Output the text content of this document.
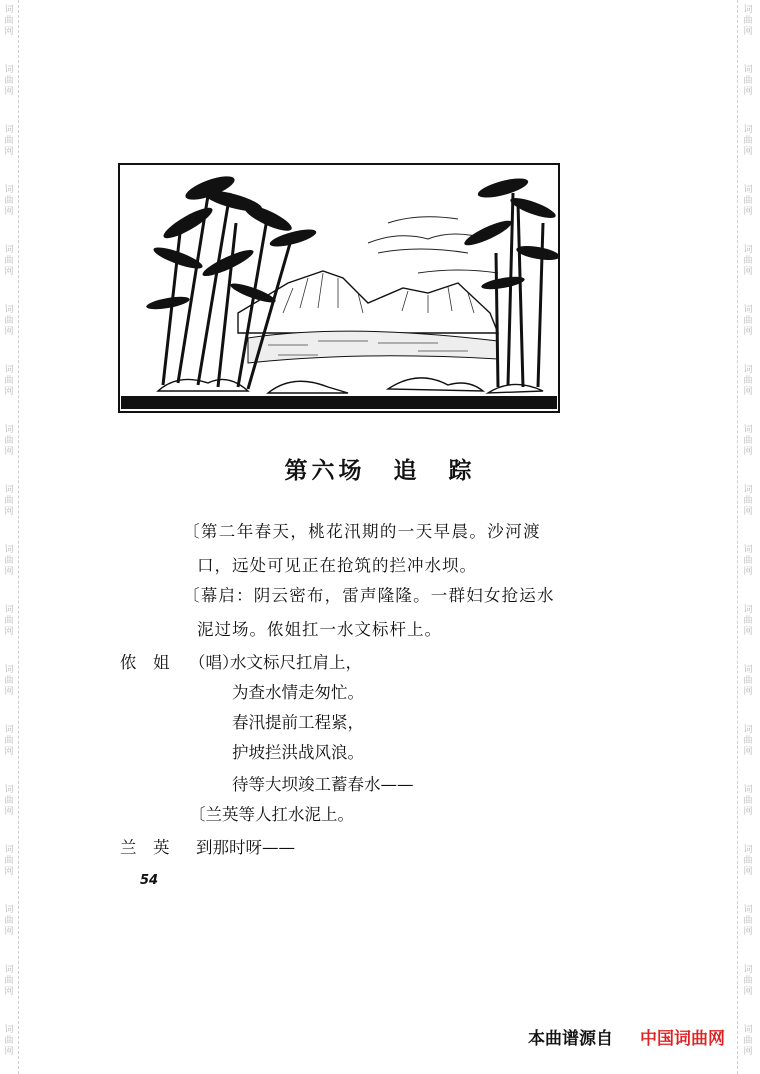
词曲网
词曲网
词曲网
词曲网
词曲网
词曲网
词曲网
词曲网
词曲网
词曲网
词曲网
词曲网
词曲网
词曲网
词曲网
词曲网
词曲网
词曲网
词曲网
词曲网
词曲网
词曲网
词曲网
词曲网
词曲网
词曲网
词曲网
词曲网
词曲网
词曲网
词曲网
词曲网
词曲网
词曲网
词曲网
词曲网
第六场 追 踪
〔第二年春天，桃花汛期的一天早晨。沙河渡
口，远处可见正在抢筑的拦冲水坝。
〔幕启：阴云密布，雷声隆隆。一群妇女抢运水
泥过场。侬姐扛一水文标杆上。
侬　姐 （唱）
水文标尺扛肩上，
为查水情走匆忙。
春汛提前工程紧，
护坡拦洪战风浪。
待等大坝竣工蓄春水——
〔兰英等人扛水泥上。
兰　英 到那时呀——
54
本曲谱源自 中国词曲网
